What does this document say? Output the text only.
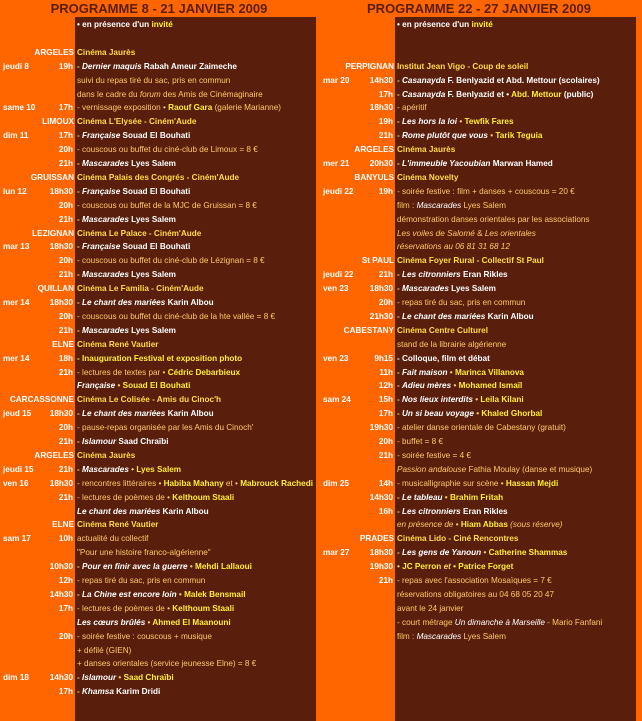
PROGRAMME 8 - 21 JANVIER 2009
• en présence d'un invité
ARGELES Cinéma Jaurès
jeudi 8	19h - Dernier maquis Rabah Ameur Zaimeche
suivi du repas tiré du sac, pris en commun
dans le cadre du forum des Amis de Cinémaginaire
same 10	17h - vernissage exposition • Raouf Gara (galerie Marianne)
LIMOUX Cinéma L'Elysée - Ciném'Aude
dim 11	17h - Française Souad El Bouhati
20h - couscous ou buffet du ciné-club de Limoux = 8 €
21h - Mascarades Lyes Salem
GRUISSAN Cinéma Palais des Congrés - Ciném'Aude
lun 12	18h30 - Française Souad El Bouhati
20h - couscous ou buffet de la MJC de Gruissan = 8 €
21h - Mascarades Lyes Salem
LEZIGNAN Cinéma Le Palace - Ciném'Aude
mar 13 18h30 - Française Souad El Bouhati
20h - couscous ou buffet du ciné-club de Lézignan = 8 €
21h - Mascarades Lyes Salem
QUILLAN Cinéma Le Familia - Ciném'Aude
mer 14 18h30 - Le chant des mariées Karin Albou
20h - couscous ou buffet du ciné-club de la hte vallée = 8 €
21h - Mascarades Lyes Salem
ELNE Cinéma René Vautier
mer 14	18h - Inauguration Festival et exposition photo
21h - lectures de textes par • Cédric Debarbieux
Française • Souad El Bouhati
CARCASSONNE Cinéma Le Colisée - Amis du Cinoc'h
jeud 15 18h30 - Le chant des mariées Karin Albou
20h - pause-repas organisée par les Amis du Cinoch'
21h - Islamour Saad Chraïbi
ARGELES Cinéma Jaurès
jeudi 15	21h - Mascarades • Lyes Salem
ven 16	18h30 - rencontres littéraires • Habiba Mahany et • Mabrouck Rachedi
21h - lectures de poèmes de • Kelthoum Staali
Le chant des mariées Karin Albou
ELNE Cinéma René Vautier
sam 17	10h actualité du collectif
"Pour une histoire franco-algérienne"
10h30 - Pour en finir avec la guerre • Mehdi Lallaoui
12h - repas tiré du sac, pris en commun
14h30 - La Chine est encore loin • Malek Bensmail
17h - lectures de poèmes de • Kelthoum Staali
Les cœurs brûlés • Ahmed El Maanouni
20h - soirée festive : couscous + musique
+ défilé (GIEN)
+ danses orientales (service jeunesse Elne) = 8 €
dim 18	14h30 - Islamour • Saad Chraïbi
17h - Khamsa Karim Dridi
PROGRAMME 22 - 27 JANVIER 2009
• en présence d'un invité
PERPIGNAN Institut Jean Vigo - Coup de soleil
mar 20 14h30 - Casanayda F. Benlyazid et Abd. Mettour (scolaires)
17h - Casanayda F. Benlyazid et • Abd. Mettour (public)
18h30 - apéritif
19h - Les hors la loi • Tewfik Fares
21h - Rome plutôt que vous • Tarik Teguia
ARGELES Cinéma Jaurès
mer 21 20h30 - L'immeuble Yacoubian Marwan Hamed
BANYULS Cinéma Novelty
jeudi 22	19h - soirée festive : film + danses + couscous = 20 €
film : Mascarades Lyes Salem
démonstration danses orientales par les associations
Les voiles de Salomé & Les orientales
réservations au 06 81 31 68 12
St PAUL Cinéma Foyer Rural - Collectif St Paul
jeudi 22	21h - Les citronniers Eran Rikles
ven 23	18h30 - Mascarades Lyes Salem
20h - repas tiré du sac, pris en commun
21h30 - Le chant des mariées Karin Albou
CABESTANY Cinéma Centre Culturel
stand de la librairie algérienne
ven 23	9h15 - Colloque, film et débat
11h - Fait maison • Marinca Villanova
12h - Adieu mères • Mohamed Ismaïl
sam 24	15h - Nos lieux interdits • Leila Kilani
17h - Un si beau voyage • Khaled Ghorbal
19h30 - atelier danse orientale de Cabestany (gratuit)
20h - buffet = 8 €
21h - soirée festive = 4 €
Passion andalouse Fathia Moulay (danse et musique)
dim 25	14h - musicalligraphie sur scène • Hassan Mejdi
14h30 - Le tableau • Brahim Fritah
16h - Les citronniers Eran Rikles
en présence de • Hiam Abbas (sous réserve)
PRADES Cinéma Lido - Ciné Rencontres
mar 27 18h30 - Les gens de Yanoun • Catherine Shammas
19h30 • JC Perron et • Patrice Forget
21h - repas avec l'association Mosaïques = 7 €
réservations obligatoires au 04 68 05 20 47
avant le 24 janvier
- court métrage Un dimanche à Marseille - Mario Fanfani
film : Mascarades Lyes Salem
